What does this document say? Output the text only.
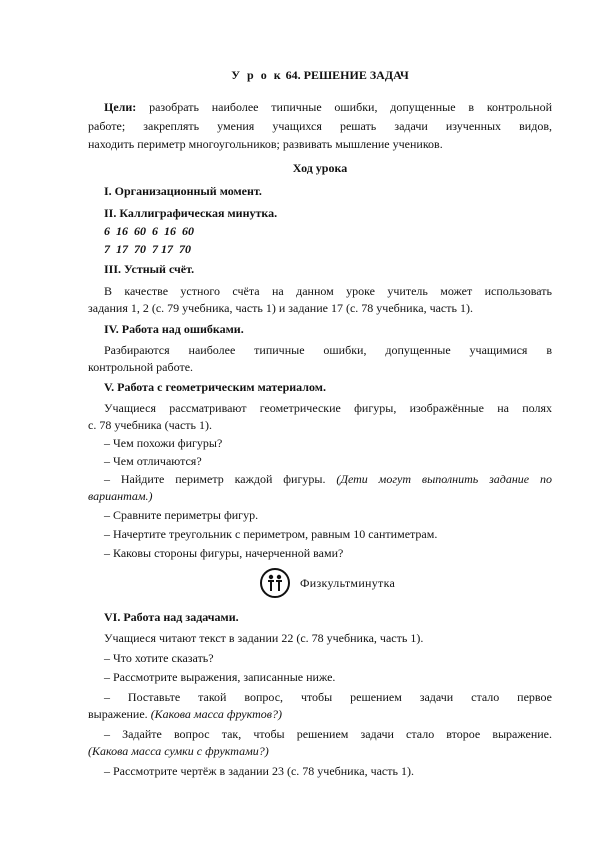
У р о к 64. РЕШЕНИЕ ЗАДАЧ
Цели: разобрать наиболее типичные ошибки, допущенные в контрольной
работе; закреплять умения учащихся решать задачи изученных видов,
находить периметр многоугольников; развивать мышление учеников.
Ход урока
I. Организационный момент.
II. Каллиграфическая минутка.
6  16  60  6  16  60
7  17  70  7 17  70
III. Устный счёт.
В качестве устного счёта на данном уроке учитель может использовать
задания 1, 2 (с. 79 учебника, часть 1) и задание 17 (с. 78 учебника, часть 1).
IV. Работа над ошибками.
Разбираются наиболее типичные ошибки, допущенные учащимися в
контрольной работе.
V. Работа с геометрическим материалом.
Учащиеся рассматривают геометрические фигуры, изображённые на полях
с. 78 учебника (часть 1).
– Чем похожи фигуры?
– Чем отличаются?
– Найдите периметр каждой фигуры. (Дети могут выполнить задание по
вариантам.)
– Сравните периметры фигур.
– Начертите треугольник с периметром, равным 10 сантиметрам.
– Каковы стороны фигуры, начерченной вами?
Физкультминутка
VI. Работа над задачами.
Учащиеся читают текст в задании 22 (с. 78 учебника, часть 1).
– Что хотите сказать?
– Рассмотрите выражения, записанные ниже.
–  Поставьте  такой  вопрос,  чтобы  решением  задачи  стало  первое
выражение. (Какова масса фруктов?)
– Задайте вопрос так, чтобы решением задачи стало второе выражение.
(Какова масса сумки с фруктами?)
– Рассмотрите чертёж в задании 23 (с. 78 учебника, часть 1).
